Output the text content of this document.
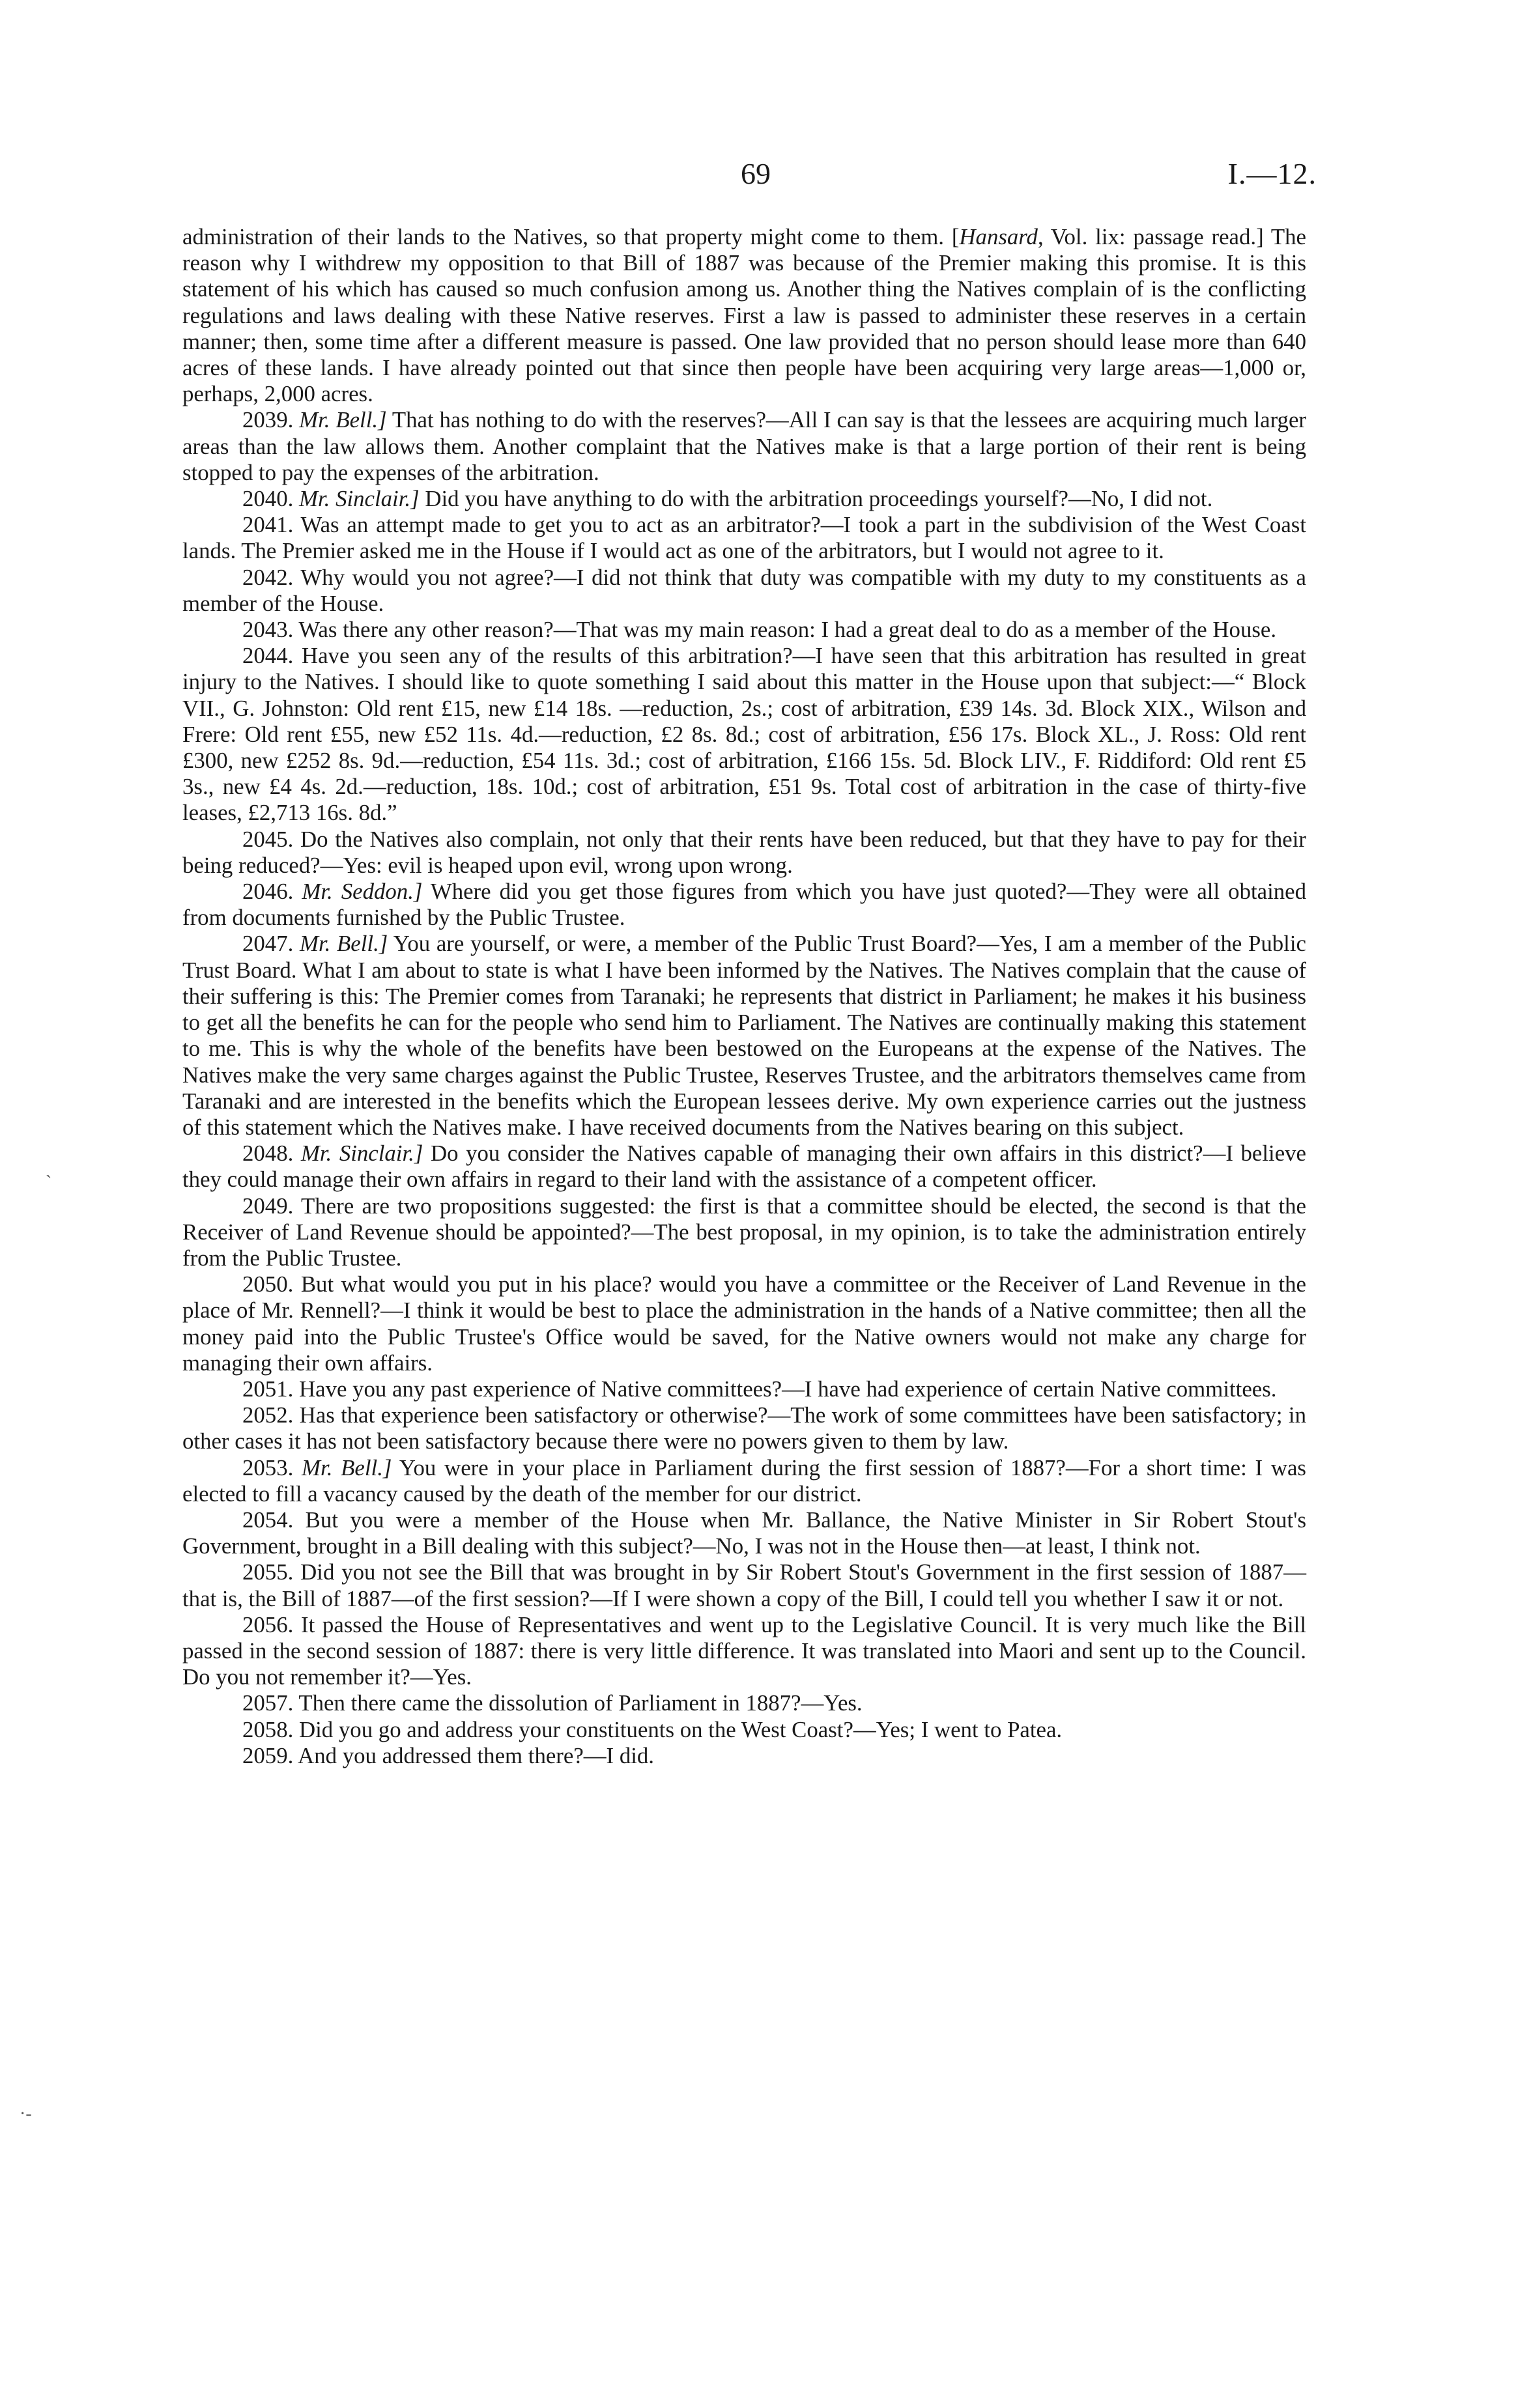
69	I.—12.
`
·-

administration of their lands to the Natives, so that property might come to them. [Hansard, Vol. lix: passage read.] The reason why I withdrew my opposition to that Bill of 1887 was because of the Premier making this promise. It is this statement of his which has caused so much confusion among us. Another thing the Natives complain of is the conflicting regulations and laws dealing with these Native reserves. First a law is passed to administer these reserves in a certain manner; then, some time after a different measure is passed. One law provided that no person should lease more than 640 acres of these lands. I have already pointed out that since then people have been acquiring very large areas—1,000 or, perhaps, 2,000 acres.

2039. Mr. Bell.] That has nothing to do with the reserves?—All I can say is that the lessees are acquiring much larger areas than the law allows them. Another complaint that the Natives make is that a large portion of their rent is being stopped to pay the expenses of the arbitration.

2040. Mr. Sinclair.] Did you have anything to do with the arbitration proceedings yourself?—No, I did not.

2041. Was an attempt made to get you to act as an arbitrator?—I took a part in the subdivision of the West Coast lands. The Premier asked me in the House if I would act as one of the arbitrators, but I would not agree to it.

2042. Why would you not agree?—I did not think that duty was compatible with my duty to my constituents as a member of the House.

2043. Was there any other reason?—That was my main reason: I had a great deal to do as a member of the House.

2044. Have you seen any of the results of this arbitration?—I have seen that this arbitration has resulted in great injury to the Natives. I should like to quote something I said about this matter in the House upon that subject:—“ Block VII., G. Johnston: Old rent £15, new £14 18s. —reduction, 2s.; cost of arbitration, £39 14s. 3d. Block XIX., Wilson and Frere: Old rent £55, new £52 11s. 4d.—reduction, £2 8s. 8d.; cost of arbitration, £56 17s. Block XL., J. Ross: Old rent £300, new £252 8s. 9d.—reduction, £54 11s. 3d.; cost of arbitration, £166 15s. 5d. Block LIV., F. Riddiford: Old rent £5 3s., new £4 4s. 2d.—reduction, 18s. 10d.; cost of arbitration, £51 9s. Total cost of arbitration in the case of thirty-five leases, £2,713 16s. 8d.”

2045. Do the Natives also complain, not only that their rents have been reduced, but that they have to pay for their being reduced?—Yes: evil is heaped upon evil, wrong upon wrong.

2046. Mr. Seddon.] Where did you get those figures from which you have just quoted?—They were all obtained from documents furnished by the Public Trustee.

2047. Mr. Bell.] You are yourself, or were, a member of the Public Trust Board?—Yes, I am a member of the Public Trust Board. What I am about to state is what I have been informed by the Natives. The Natives complain that the cause of their suffering is this: The Premier comes from Taranaki; he represents that district in Parliament; he makes it his business to get all the benefits he can for the people who send him to Parliament. The Natives are continually making this statement to me. This is why the whole of the benefits have been bestowed on the Europeans at the expense of the Natives. The Natives make the very same charges against the Public Trustee, Reserves Trustee, and the arbitrators themselves came from Taranaki and are interested in the benefits which the European lessees derive. My own experience carries out the justness of this statement which the Natives make. I have received documents from the Natives bearing on this subject.

2048. Mr. Sinclair.] Do you consider the Natives capable of managing their own affairs in this district?—I believe they could manage their own affairs in regard to their land with the assistance of a competent officer.

2049. There are two propositions suggested: the first is that a committee should be elected, the second is that the Receiver of Land Revenue should be appointed?—The best proposal, in my opinion, is to take the administration entirely from the Public Trustee.

2050. But what would you put in his place? would you have a committee or the Receiver of Land Revenue in the place of Mr. Rennell?—I think it would be best to place the administration in the hands of a Native committee; then all the money paid into the Public Trustee's Office would be saved, for the Native owners would not make any charge for managing their own affairs.

2051. Have you any past experience of Native committees?—I have had experience of certain Native committees.

2052. Has that experience been satisfactory or otherwise?—The work of some committees have been satisfactory; in other cases it has not been satisfactory because there were no powers given to them by law.

2053. Mr. Bell.] You were in your place in Parliament during the first session of 1887?—For a short time: I was elected to fill a vacancy caused by the death of the member for our district.

2054. But you were a member of the House when Mr. Ballance, the Native Minister in Sir Robert Stout's Government, brought in a Bill dealing with this subject?—No, I was not in the House then—at least, I think not.

2055. Did you not see the Bill that was brought in by Sir Robert Stout's Government in the first session of 1887—that is, the Bill of 1887—of the first session?—If I were shown a copy of the Bill, I could tell you whether I saw it or not.

2056. It passed the House of Representatives and went up to the Legislative Council. It is very much like the Bill passed in the second session of 1887: there is very little difference. It was translated into Maori and sent up to the Council. Do you not remember it?—Yes.

2057. Then there came the dissolution of Parliament in 1887?—Yes.

2058. Did you go and address your constituents on the West Coast?—Yes; I went to Patea.

2059. And you addressed them there?—I did.
